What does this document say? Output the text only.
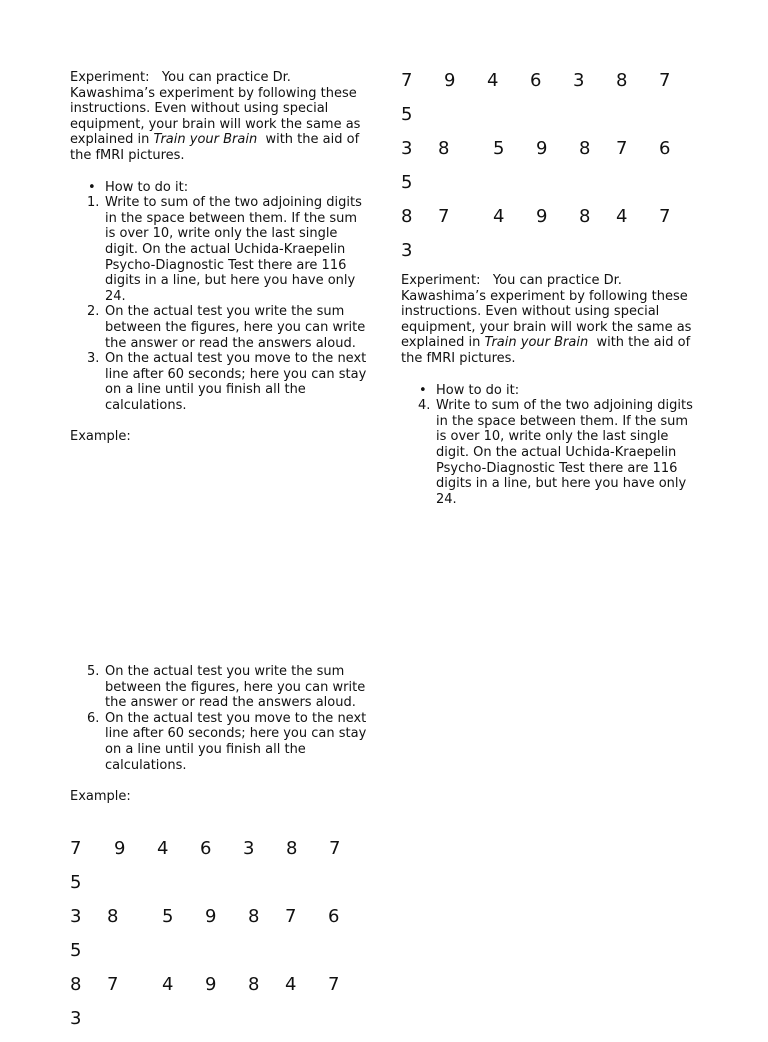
Experiment: You can practice Dr. Kawashima’s experiment by following these instructions. Even without using special equipment, your brain will work the same as explained in Train your Brain with the aid of the fMRI pictures.

• How to do it:
1. Write to sum of the two adjoining digits in the space between them. If the sum is over 10, write only the last single digit. On the actual Uchida-Kraepelin Psycho-Diagnostic Test there are 116 digits in a line, but here you have only 24.
2. On the actual test you write the sum between the figures, here you can write the answer or read the answers aloud.
3. On the actual test you move to the next line after 60 seconds; here you can stay on a line until you finish all the calculations.
Example:
5. On the actual test you write the sum between the figures, here you can write the answer or read the answers aloud.
6. On the actual test you move to the next line after 60 seconds; here you can stay on a line until you finish all the calculations.
Example:
7 9 4 6 3 8 7
5
3 8 5 9 8 7 6
5
8 7 4 9 8 4 7
3
7 9 4 6 3 8 7
5
3 8 5 9 8 7 6
5
8 7 4 9 8 4 7
3

Experiment: You can practice Dr. Kawashima’s experiment by following these instructions. Even without using special equipment, your brain will work the same as explained in Train your Brain with the aid of the fMRI pictures.

• How to do it:
4. Write to sum of the two adjoining digits in the space between them. If the sum is over 10, write only the last single digit. On the actual Uchida-Kraepelin Psycho-Diagnostic Test there are 116 digits in a line, but here you have only 24.
